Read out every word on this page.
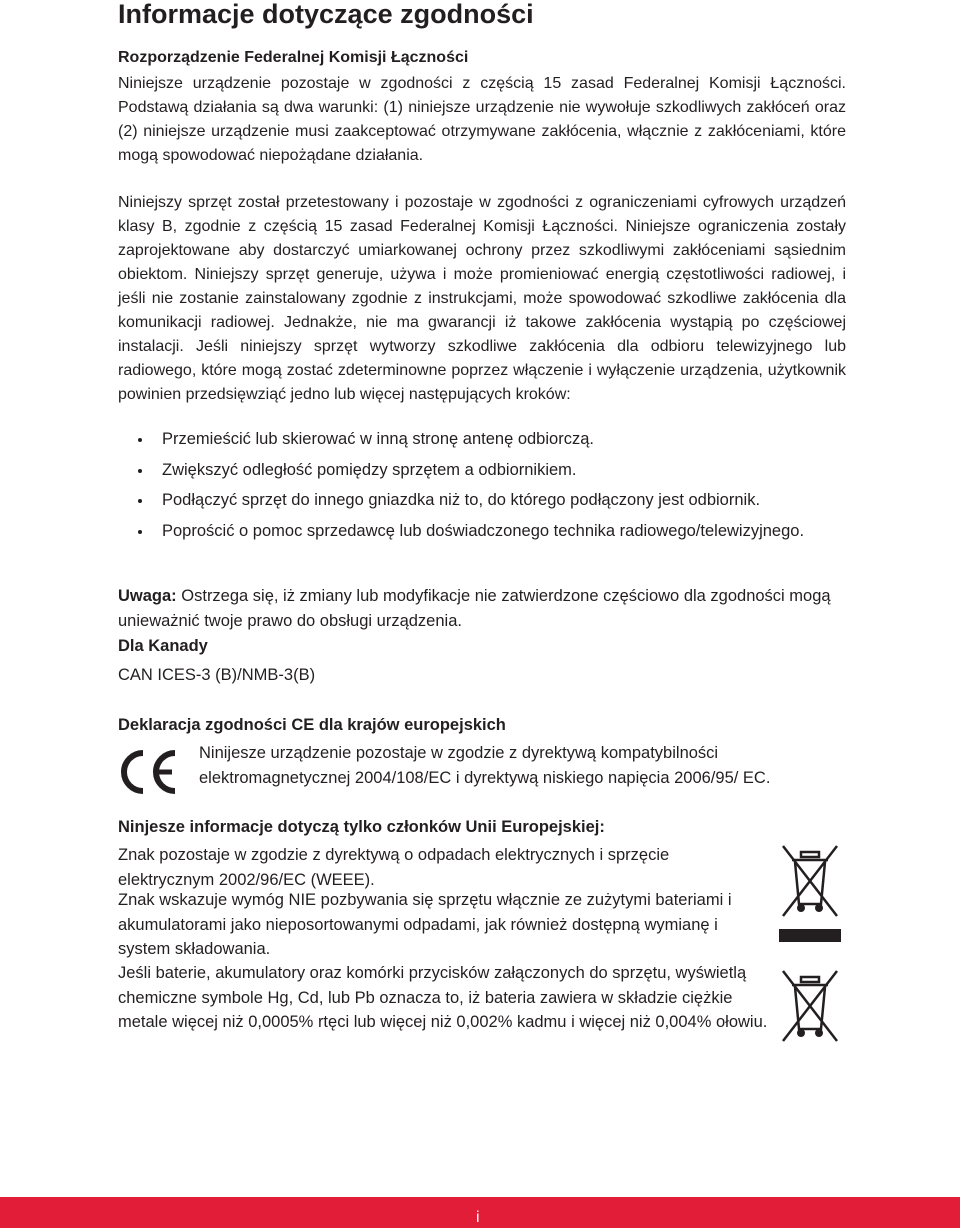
Informacje dotyczące zgodności

Rozporządzenie Federalnej Komisji Łączności

Niniejsze urządzenie pozostaje w zgodności z częścią 15 zasad Federalnej Komisji Łączności. Podstawą działania są dwa warunki: (1) niniejsze urządzenie nie wywołuje szkodliwych zakłóceń oraz (2) niniejsze urządzenie musi zaakceptować otrzymywane zakłócenia, włącznie z zakłóceniami, które mogą spowodować niepożądane działania.

Niniejszy sprzęt został przetestowany i pozostaje w zgodności z ograniczeniami cyfrowych urządzeń klasy B, zgodnie z częścią 15 zasad Federalnej Komisji Łączności. Niniejsze ograniczenia zostały zaprojektowane aby dostarczyć umiarkowanej ochrony przez szkodliwymi zakłóceniami sąsiednim obiektom. Niniejszy sprzęt generuje, używa i może promieniować energią częstotliwości radiowej, i jeśli nie zostanie zainstalowany zgodnie z instrukcjami, może spowodować szkodliwe zakłócenia dla komunikacji radiowej. Jednakże, nie ma gwarancji iż takowe zakłócenia wystąpią po częściowej instalacji. Jeśli niniejszy sprzęt wytworzy szkodliwe zakłócenia dla odbioru telewizyjnego lub radiowego, które mogą zostać zdeterminowne poprzez włączenie i wyłączenie urządzenia, użytkownik powinien przedsięwziąć jedno lub więcej następujących kroków:

Przemieścić lub skierować w inną stronę antenę odbiorczą.
Zwiększyć odległość pomiędzy sprzętem a odbiornikiem.
Podłączyć sprzęt do innego gniazdka niż to, do którego podłączony jest odbiornik.
Poprościć o pomoc sprzedawcę lub doświadczonego technika radiowego/telewizyjnego.

Uwaga: Ostrzega się, iż zmiany lub modyfikacje nie zatwierdzone częściowo dla zgodności mogą unieważnić twoje prawo do obsługi urządzenia.

Dla Kanady

CAN ICES-3 (B)/NMB-3(B)

Deklaracja zgodności CE dla krajów europejskich

Ninijesze urządzenie pozostaje w zgodzie z dyrektywą kompatybilności elektromagnetycznej 2004/108/EC i dyrektywą niskiego napięcia 2006/95/ EC.

Ninjesze informacje dotyczą tylko członków Unii Europejskiej:

Znak pozostaje w zgodzie z dyrektywą o odpadach elektrycznych i sprzęcie elektrycznym 2002/96/EC (WEEE).

Znak wskazuje wymóg NIE pozbywania się sprzętu włącznie ze zużytymi bateriami i akumulatorami jako nieposortowanymi odpadami, jak również dostępną wymianę i system składowania.

Jeśli baterie, akumulatory oraz komórki przycisków załączonych do sprzętu, wyświetlą chemiczne symbole Hg, Cd, lub Pb oznacza to, iż bateria zawiera w składzie ciężkie metale więcej niż 0,0005% rtęci lub więcej niż 0,002% kadmu i więcej niż 0,004% ołowiu.

i
